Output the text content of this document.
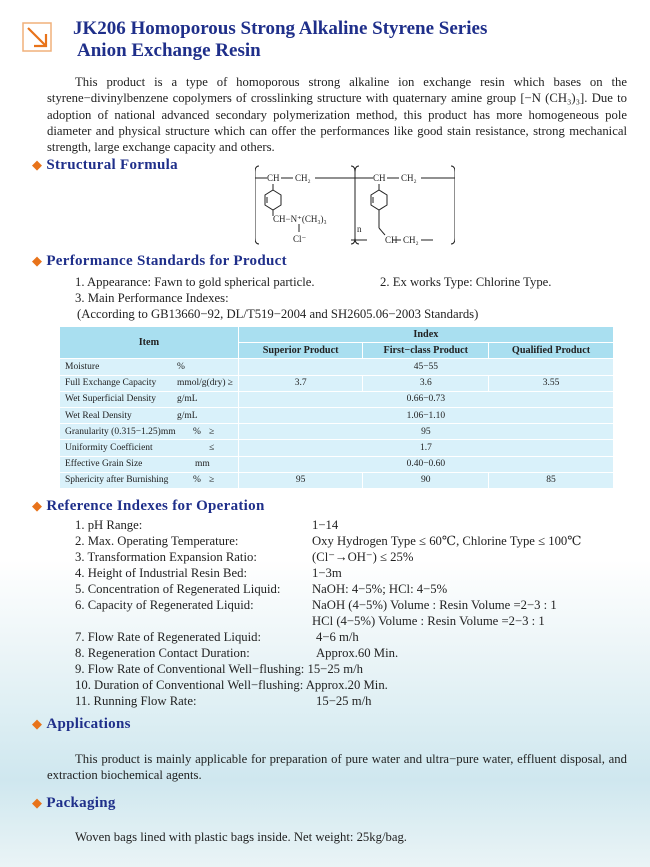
JK206 Homoporous Strong Alkaline Styrene Series
Anion Exchange Resin
This product is a type of homoporous strong alkaline ion exchange resin which bases on the styrene−divinylbenzene copolymers of crosslinking structure with quaternary amine group [−N (CH₃)₃]. Due to adoption of national advanced secondary polymerization method, this product has more homogeneous pole diameter and physical structure which can offer the performances like good stain resistance, strong mechanical strength, large exchange capacity and others.
◆ Structural Formula
CH CH₂	CH CH₂
CH−N⁺(CH₃)₃
Cl⁻
n
CH CH₂
◆ Performance Standards for Product
1. Appearance: Fawn to gold spherical particle.	2. Ex works Type: Chlorine Type.
3. Main Performance Indexes:
(According to GB13660−92, DL/T519−2004 and SH2605.06−2003 Standards)
Item	Index		
	Superior Product	First−class Product	Qualified Product
Moisture %	45−55		
Full Exchange Capacity mmol/g(dry) ≥	3.7	3.6	3.55
Wet Superficial Density g/mL	0.66−0.73		
Wet Real Density g/mL	1.06−1.10		
Granularity (0.315−1.25)mm % ≥	95		
Uniformity Coefficient ≤	1.7		
Effective Grain Size mm	0.40−0.60		
Sphericity after Burnishing % ≥	95	90	85
◆ Reference Indexes for Operation
1. pH Range:	1−14
2. Max. Operating Temperature:	Oxy Hydrogen Type ≤ 60℃, Chlorine Type ≤ 100℃
3. Transformation Expansion Ratio:	(Cl⁻→OH⁻) ≤ 25%
4. Height of Industrial Resin Bed:	1−3m
5. Concentration of Regenerated Liquid: NaOH: 4−5%; HCl: 4−5%
6. Capacity of Regenerated Liquid:	NaOH (4−5%) Volume : Resin Volume =2−3 : 1
HCl (4−5%) Volume : Resin Volume =2−3 : 1
7. Flow Rate of Regenerated Liquid:	4−6 m/h
8. Regeneration Contact Duration:	Approx.60 Min.
9. Flow Rate of Conventional Well−flushing: 15−25 m/h
10. Duration of Conventional Well−flushing: Approx.20 Min.
11. Running Flow Rate:	15−25 m/h
◆ Applications
This product is mainly applicable for preparation of pure water and ultra−pure water, effluent disposal, and extraction biochemical agents.
◆ Packaging
Woven bags lined with plastic bags inside. Net weight: 25kg/bag.
